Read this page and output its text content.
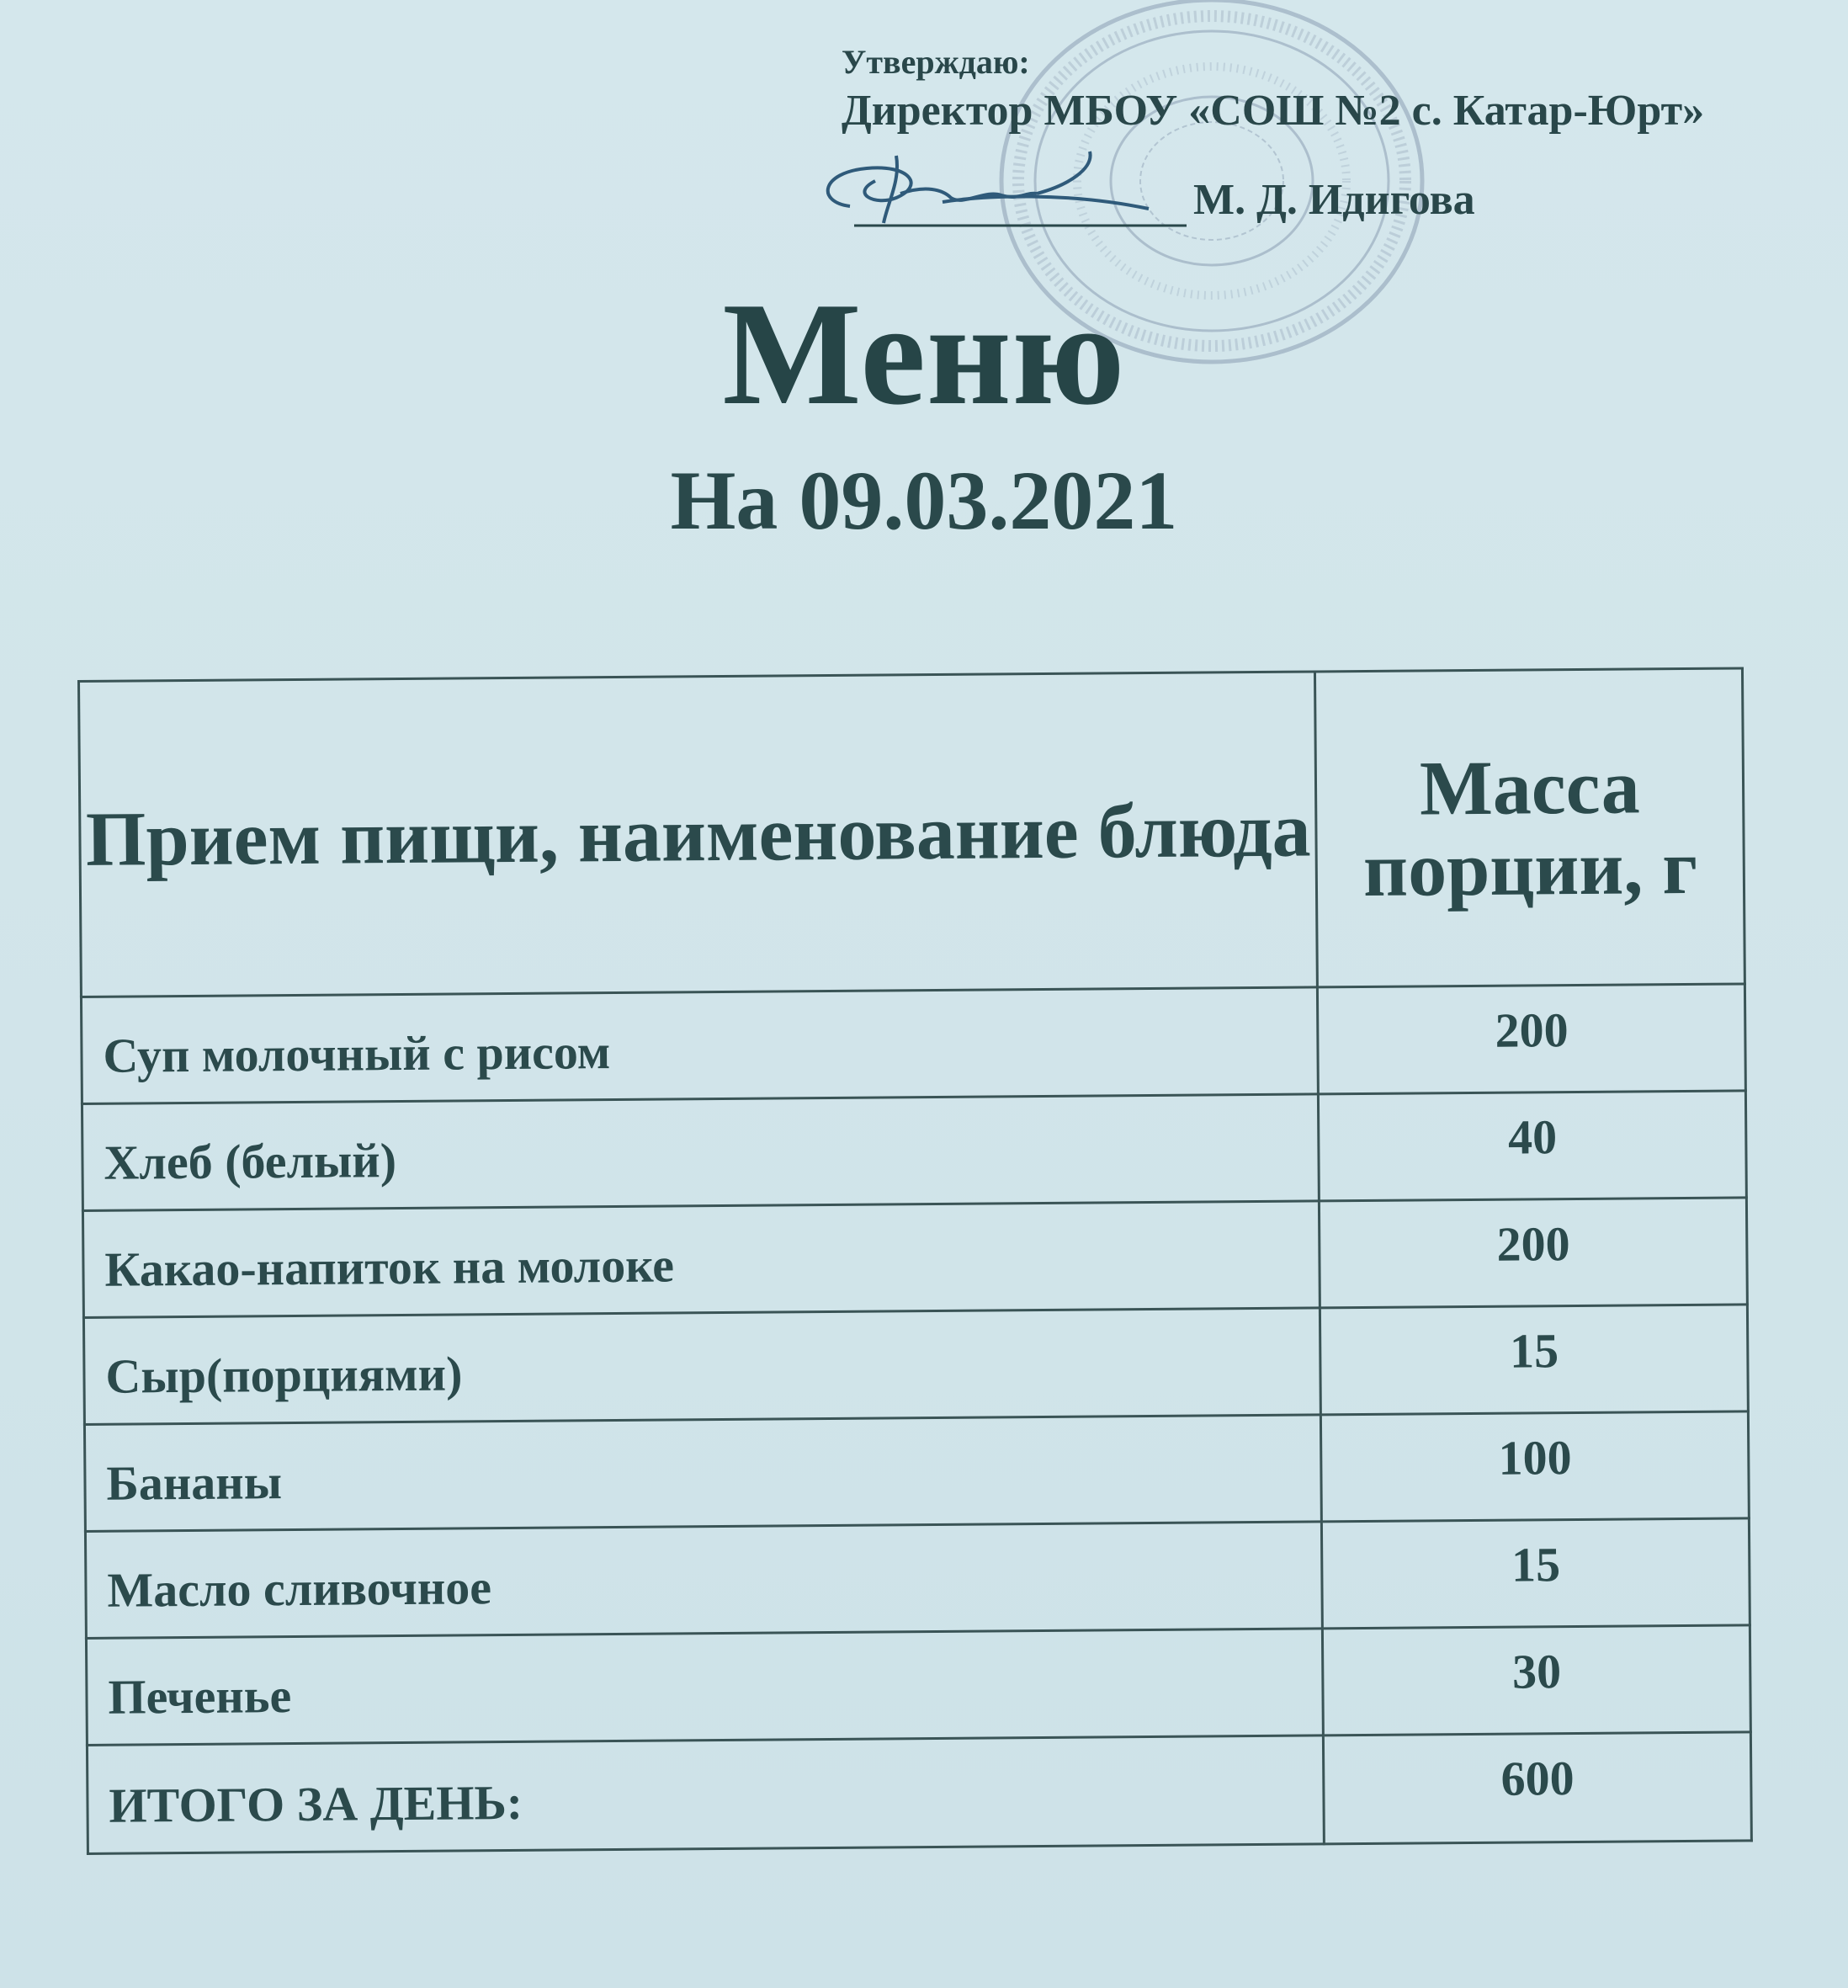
Утверждаю:
Директор МБОУ «СОШ №2 с. Катар-Юрт»
М. Д. Идигова
Меню
На 09.03.2021
Прием пищи, наименование блюда	Масса порции, г
Суп молочный с рисом	200
Хлеб (белый)	40
Какао-напиток на молоке	200
Сыр(порциями)	15
Бананы	100
Масло сливочное	15
Печенье	30
ИТОГО ЗА ДЕНЬ:	600
